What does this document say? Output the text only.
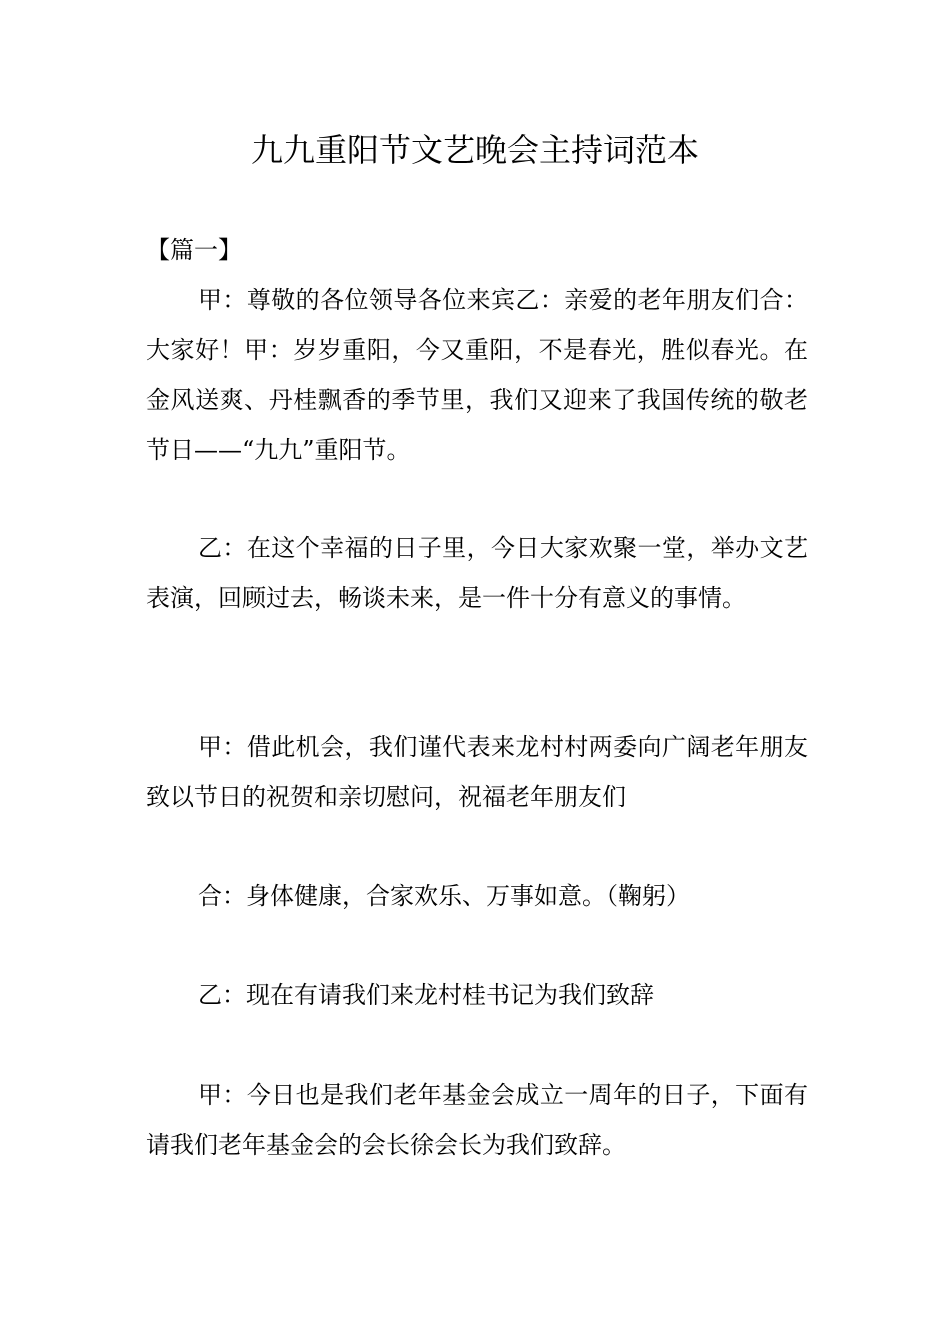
九九重阳节文艺晚会主持词范本

【篇一】

甲：尊敬的各位领导各位来宾乙：亲爱的老年朋友们合：大家好！甲：岁岁重阳，今又重阳，不是春光，胜似春光。在金风送爽、丹桂飘香的季节里，我们又迎来了我国传统的敬老节日——“九九”重阳节。

乙：在这个幸福的日子里，今日大家欢聚一堂，举办文艺表演，回顾过去，畅谈未来，是一件十分有意义的事情。

甲：借此机会，我们谨代表来龙村村两委向广阔老年朋友致以节日的祝贺和亲切慰问，祝福老年朋友们

合：身体健康，合家欢乐、万事如意。（鞠躬）

乙：现在有请我们来龙村桂书记为我们致辞

甲：今日也是我们老年基金会成立一周年的日子，下面有请我们老年基金会的会长徐会长为我们致辞。
